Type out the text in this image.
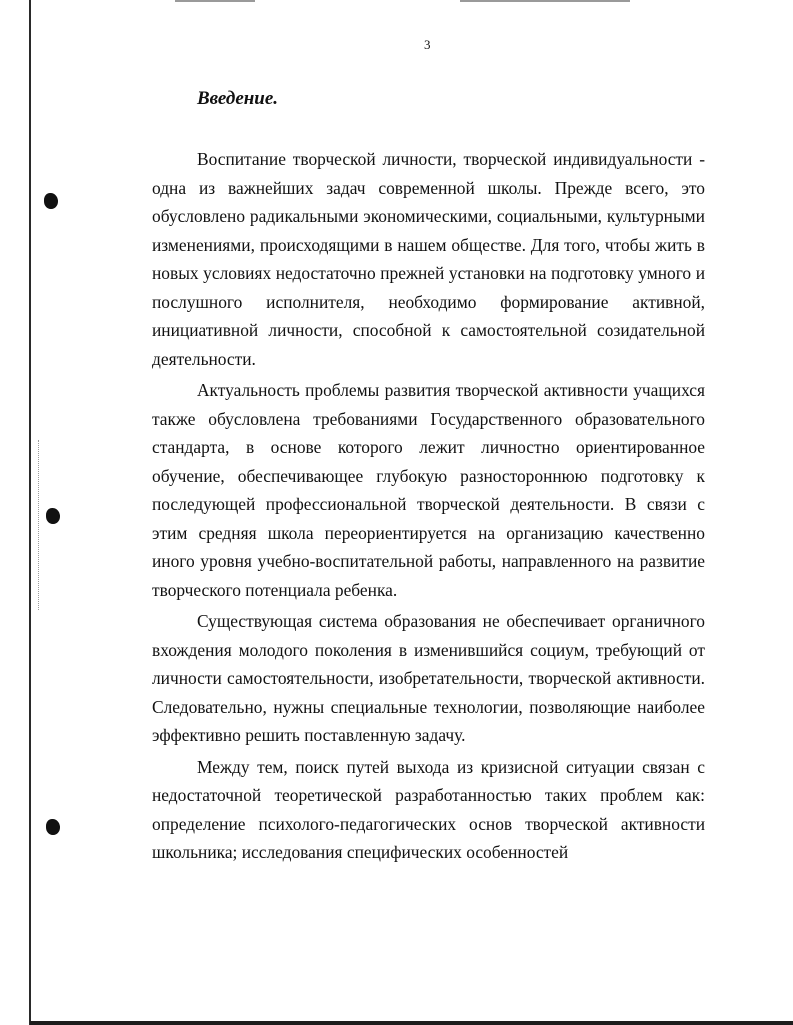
3
Введение.

Воспитание творческой личности, творческой индивидуальности - одна из важнейших задач современной школы. Прежде всего, это обусловлено радикальными экономическими, социальными, культурными изменениями, происходящими в нашем обществе. Для того, чтобы жить в новых условиях недостаточно прежней установки на подготовку умного и послушного исполнителя, необходимо формирование активной, инициативной личности, способной к самостоятельной созидательной деятельности.

Актуальность проблемы развития творческой активности учащихся также обусловлена требованиями Государственного образовательного стандарта, в основе которого лежит личностно ориентированное обучение, обеспечивающее глубокую разностороннюю подготовку к последующей профессиональной творческой деятельности. В связи с этим средняя школа переориентируется на организацию качественно иного уровня учебно-воспитательной работы, направленного на развитие творческого потенциала ребенка.

Существующая система образования не обеспечивает органичного вхождения молодого поколения в изменившийся социум, требующий от личности самостоятельности, изобретательности, творческой активности. Следовательно, нужны специальные технологии, позволяющие наиболее эффективно решить поставленную задачу.

Между тем, поиск путей выхода из кризисной ситуации связан с недостаточной теоретической разработанностью таких проблем как: определение психолого-педагогических основ творческой активности школьника; исследования специфических особенностей
